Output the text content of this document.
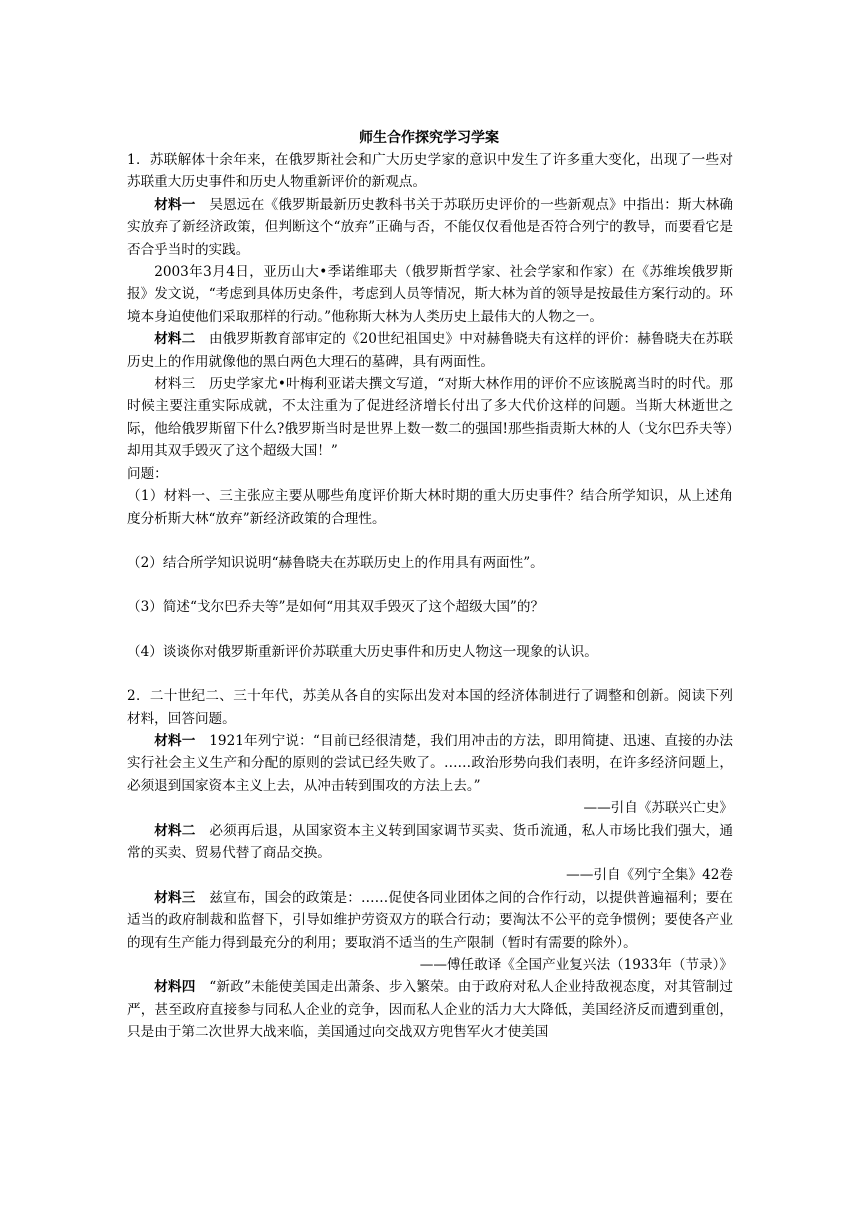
师生合作探究学习学案

1．苏联解体十余年来，在俄罗斯社会和广大历史学家的意识中发生了许多重大变化，出现了一些对苏联重大历史事件和历史人物重新评价的新观点。

材料一　吴恩远在《俄罗斯最新历史教科书关于苏联历史评价的一些新观点》中指出：斯大林确实放弃了新经济政策，但判断这个“放弃”正确与否，不能仅仅看他是否符合列宁的教导，而要看它是否合乎当时的实践。

2003年3月4日，亚历山大•季诺维耶夫（俄罗斯哲学家、社会学家和作家）在《苏维埃俄罗斯报》发文说，“考虑到具体历史条件，考虑到人员等情况，斯大林为首的领导是按最佳方案行动的。环境本身迫使他们采取那样的行动。”他称斯大林为人类历史上最伟大的人物之一。

材料二　由俄罗斯教育部审定的《20世纪祖国史》中对赫鲁晓夫有这样的评价：赫鲁晓夫在苏联历史上的作用就像他的黑白两色大理石的墓碑，具有两面性。

材料三　历史学家尤•叶梅利亚诺夫撰文写道，“对斯大林作用的评价不应该脱离当时的时代。那时候主要注重实际成就，不太注重为了促进经济增长付出了多大代价这样的问题。当斯大林逝世之际，他给俄罗斯留下什么?俄罗斯当时是世界上数一数二的强国!那些指责斯大林的人（戈尔巴乔夫等）却用其双手毁灭了这个超级大国！”

问题：

（1）材料一、三主张应主要从哪些角度评价斯大林时期的重大历史事件？结合所学知识，从上述角度分析斯大林“放弃”新经济政策的合理性。

（2）结合所学知识说明“赫鲁晓夫在苏联历史上的作用具有两面性”。

（3）简述“戈尔巴乔夫等”是如何“用其双手毁灭了这个超级大国”的？

（4）谈谈你对俄罗斯重新评价苏联重大历史事件和历史人物这一现象的认识。

2．二十世纪二、三十年代，苏美从各自的实际出发对本国的经济体制进行了调整和创新。阅读下列材料，回答问题。

材料一　1921年列宁说：“目前已经很清楚，我们用冲击的方法，即用简捷、迅速、直接的办法实行社会主义生产和分配的原则的尝试已经失败了。……政治形势向我们表明，在许多经济问题上，必须退到国家资本主义上去，从冲击转到围攻的方法上去。”

——引自《苏联兴亡史》

材料二　必须再后退，从国家资本主义转到国家调节买卖、货币流通，私人市场比我们强大，通常的买卖、贸易代替了商品交换。

——引自《列宁全集》42卷

材料三　兹宣布，国会的政策是：……促使各同业团体之间的合作行动，以提供普遍福利；要在适当的政府制裁和监督下，引导如维护劳资双方的联合行动；要淘汰不公平的竞争惯例；要使各产业的现有生产能力得到最充分的利用；要取消不适当的生产限制（暂时有需要的除外）。

——傅任敢译《全国产业复兴法（1933年（节录）》

材料四　“新政”未能使美国走出萧条、步入繁荣。由于政府对私人企业持敌视态度，对其管制过严，甚至政府直接参与同私人企业的竞争，因而私人企业的活力大大降低，美国经济反而遭到重创，只是由于第二次世界大战来临，美国通过向交战双方兜售军火才使美国
